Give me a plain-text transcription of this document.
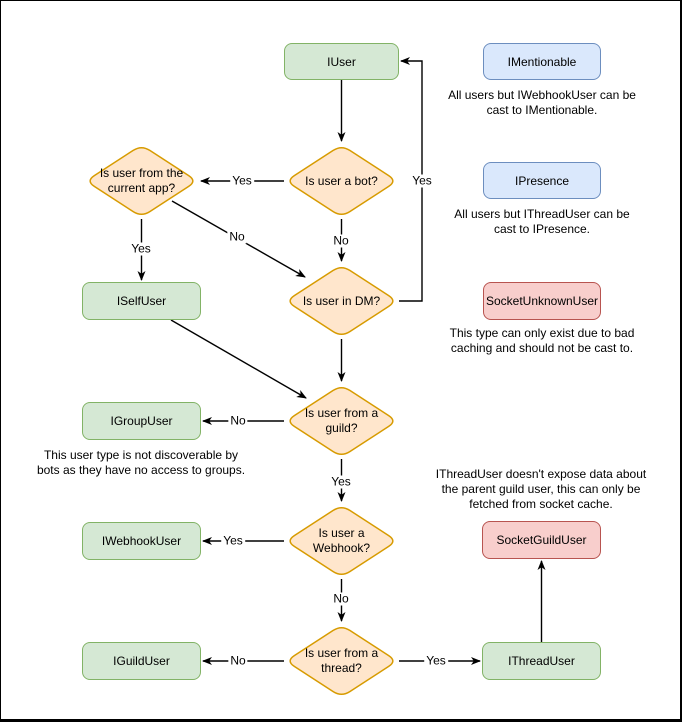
IUser	IMentionable
IPresence
SocketUnknownUser
ISelfUser
IGroupUser
IWebhookUser
IGuildUser
SocketGuildUser
IThreadUser
Is user a bot?
Is user from the current app?
Is user in DM?
Is user from a guild?
Is user a Webhook?
Is user from a thread?
All users but IWebhookUser can be cast to IMentionable.
All users but IThreadUser can be cast to IPresence.
This type can only exist due to bad caching and should not be cast to.
This user type is not discoverable by bots as they have no access to groups.	IThreadUser doesn't expose data about the parent guild user, this can only be fetched from socket cache.
Yes	Yes
No
No
Yes
No
Yes
Yes
No
No	Yes
